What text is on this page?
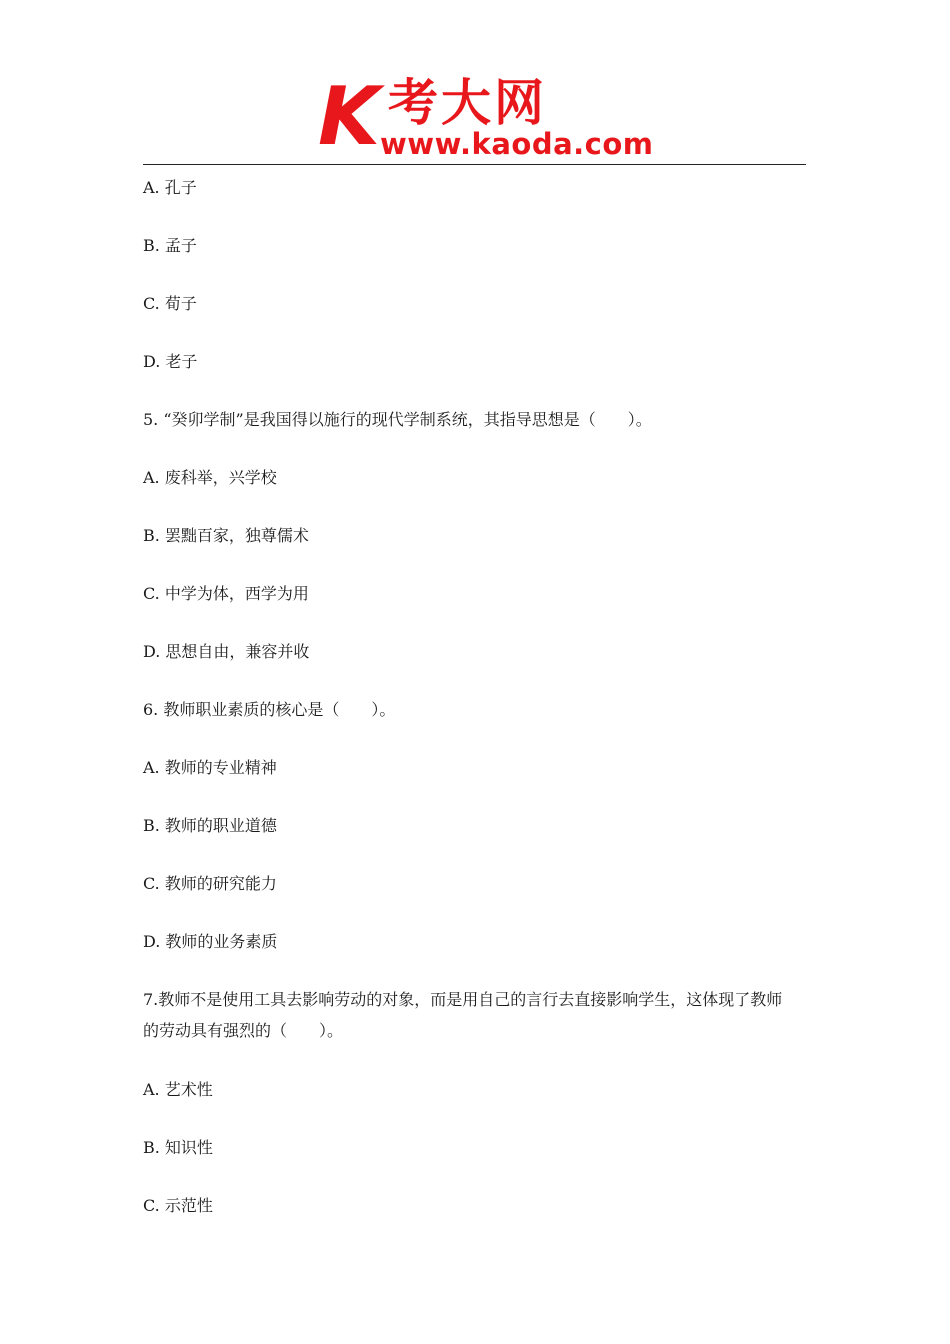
K 考大网
www.kaoda.com
A. 孔子
B. 孟子
C. 荀子
D. 老子
5. “癸卯学制”是我国得以施行的现代学制系统，其指导思想是（　　）。
A. 废科举，兴学校
B. 罢黜百家，独尊儒术
C. 中学为体，西学为用
D. 思想自由，兼容并收
6. 教师职业素质的核心是（　　）。
A. 教师的专业精神
B. 教师的职业道德
C. 教师的研究能力
D. 教师的业务素质
7.教师不是使用工具去影响劳动的对象，而是用自己的言行去直接影响学生，这体现了教师
的劳动具有强烈的（　　）。
A. 艺术性
B. 知识性
C. 示范性
